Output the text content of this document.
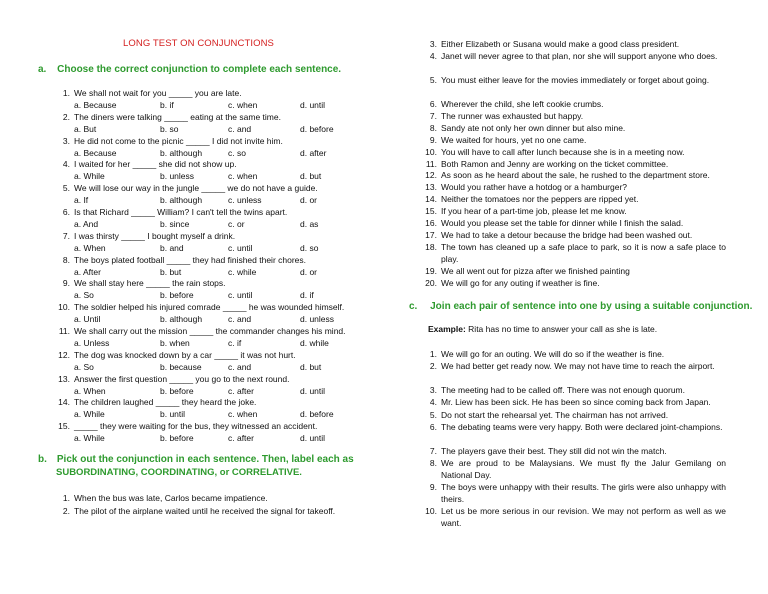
LONG TEST ON CONJUNCTIONS
a. Choose the correct conjunction to complete each sentence.
1. We shall not wait for you _____ you are late.
a. Because	b. if	c. when	d. until
2. The diners were talking _____ eating at the same time.
a. But	b. so	c. and	d. before
3. He did not come to the picnic _____ I did not invite him.
a. Because	b. although	c. so	d. after
4. I waited for her _____ she did not show up.
a. While	b. unless	c. when	d. but
5. We will lose our way in the jungle _____ we do not have a guide.
a. If	b. although	c. unless	d. or
6. Is that Richard _____ William? I can't tell the twins apart.
a. And	b. since	c. or	d. as
7. I was thirsty _____ I bought myself a drink.
a. When	b. and	c. until	d. so
8. The boys plated football _____ they had finished their chores.
a. After	b. but	c. while	d. or
9. We shall stay here _____ the rain stops.
a. So	b. before	c. until	d. if
10. The soldier helped his injured comrade _____ he was wounded himself.
a. Until	b. although	c. and	d. unless
11. We shall carry out the mission _____ the commander changes his mind.
a. Unless	b. when	c. if	d. while
12. The dog was knocked down by a car _____ it was not hurt.
a. So	b. because	c. and	d. but
13. Answer the first question _____ you go to the next round.
a. When	b. before	c. after	d. until
14. The children laughed _____ they heard the joke.
a. While	b. until	c. when	d. before
15. _____ they were waiting for the bus, they witnessed an accident.
a. While	b. before	c. after	d. until
b. Pick out the conjunction in each sentence. Then, label each as
SUBORDINATING, COORDINATING, or CORRELATIVE.
1. When the bus was late, Carlos became impatience.
2. The pilot of the airplane waited until he received the signal for takeoff.
3. Either Elizabeth or Susana would make a good class president.
4. Janet will never agree to that plan, nor she will support anyone who does.
5. You must either leave for the movies immediately or forget about going.
6. Wherever the child, she left cookie crumbs.
7. The runner was exhausted but happy.
8. Sandy ate not only her own dinner but also mine.
9. We waited for hours, yet no one came.
10. You will have to call after lunch because she is in a meeting now.
11. Both Ramon and Jenny are working on the ticket committee.
12. As soon as he heard about the sale, he rushed to the department store.
13. Would you rather have a hotdog or a hamburger?
14. Neither the tomatoes nor the peppers are ripped yet.
15. If you hear of a part-time job, please let me know.
16. Would you please set the table for dinner while I finish the salad.
17. We had to take a detour because the bridge had been washed out.
18. The town has cleaned up a safe place to park, so it is now a safe place to play.
19. We all went out for pizza after we finished painting
20. We will go for any outing if weather is fine.
c. Join each pair of sentence into one by using a suitable conjunction.
Example: Rita has no time to answer your call as she is late.
1. We will go for an outing. We will do so if the weather is fine.
2. We had better get ready now. We may not have time to reach the airport.
3. The meeting had to be called off. There was not enough quorum.
4. Mr. Liew has been sick. He has been so since coming back from Japan.
5. Do not start the rehearsal yet. The chairman has not arrived.
6. The debating teams were very happy. Both were declared joint-champions.
7. The players gave their best. They still did not win the match.
8. We are proud to be Malaysians. We must fly the Jalur Gemilang on National Day.
9. The boys were unhappy with their results. The girls were also unhappy with theirs.
10. Let us be more serious in our revision. We may not perform as well as we want.
